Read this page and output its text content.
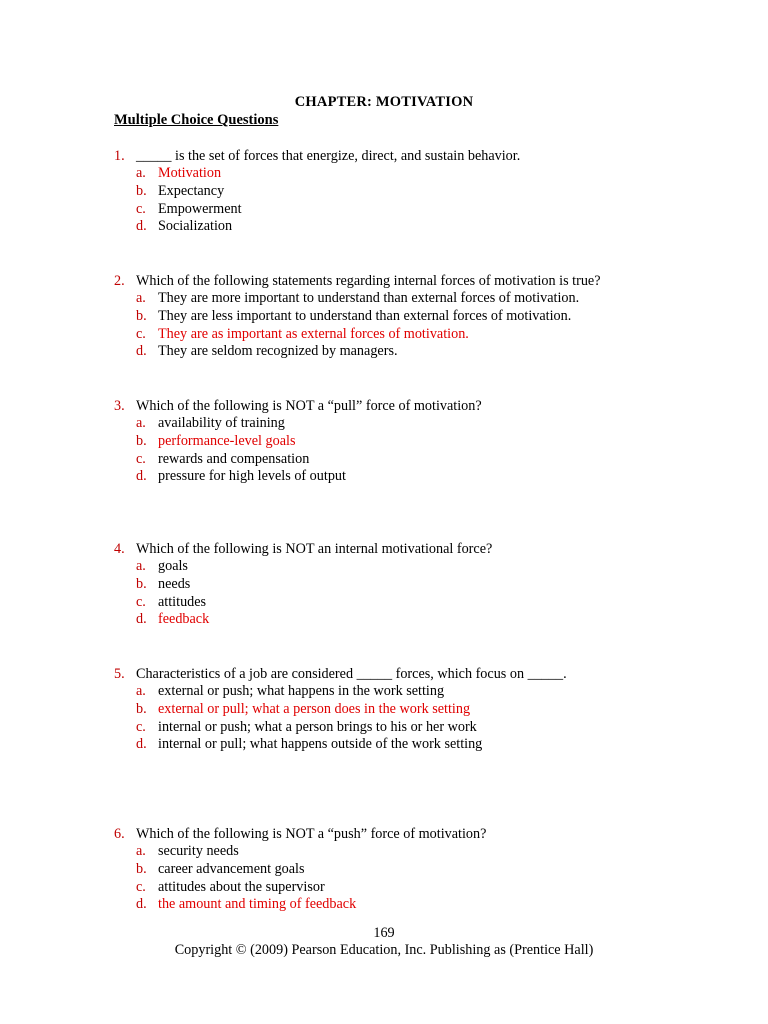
CHAPTER: MOTIVATION
Multiple Choice Questions
1. _____ is the set of forces that energize, direct, and sustain behavior.
a. Motivation
b. Expectancy
c. Empowerment
d. Socialization
2. Which of the following statements regarding internal forces of motivation is true?
a. They are more important to understand than external forces of motivation.
b. They are less important to understand than external forces of motivation.
c. They are as important as external forces of motivation.
d. They are seldom recognized by managers.
3. Which of the following is NOT a “pull” force of motivation?
a. availability of training
b. performance-level goals
c. rewards and compensation
d. pressure for high levels of output
4. Which of the following is NOT an internal motivational force?
a. goals
b. needs
c. attitudes
d. feedback
5. Characteristics of a job are considered _____ forces, which focus on _____.
a. external or push; what happens in the work setting
b. external or pull; what a person does in the work setting
c. internal or push; what a person brings to his or her work
d. internal or pull; what happens outside of the work setting
6. Which of the following is NOT a “push” force of motivation?
a. security needs
b. career advancement goals
c. attitudes about the supervisor
d. the amount and timing of feedback
169
Copyright © (2009) Pearson Education, Inc. Publishing as (Prentice Hall)
